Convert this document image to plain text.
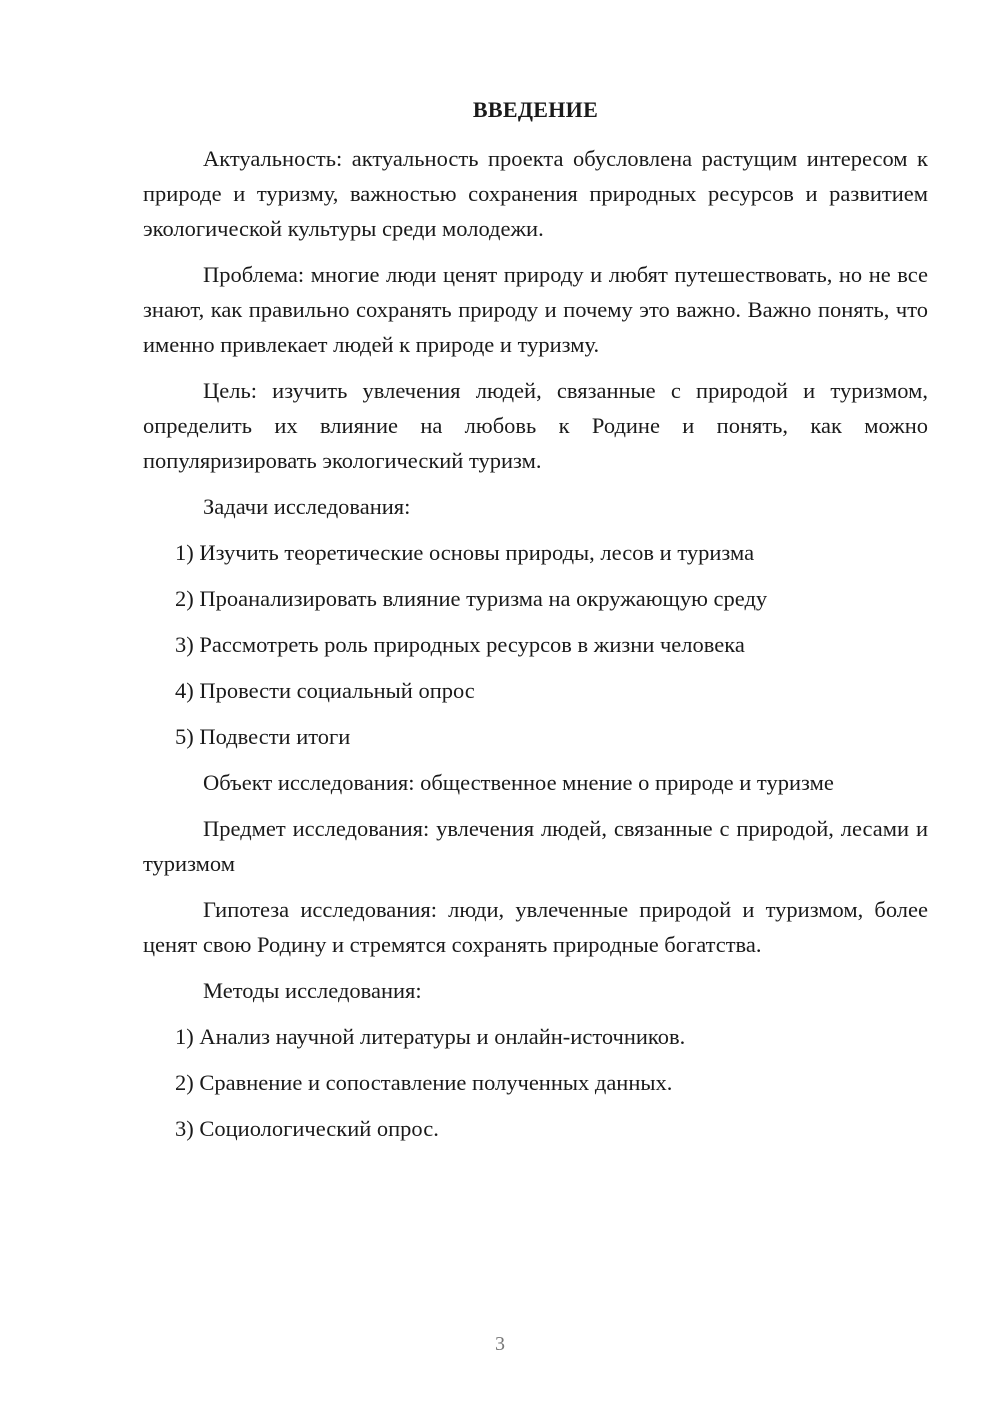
ВВЕДЕНИЕ

Актуальность: актуальность проекта обусловлена растущим интересом к природе и туризму, важностью сохранения природных ресурсов и развитием экологической культуры среди молодежи.

Проблема: многие люди ценят природу и любят путешествовать, но не все знают, как правильно сохранять природу и почему это важно. Важно понять, что именно привлекает людей к природе и туризму.

Цель: изучить увлечения людей, связанные с природой и туризмом, определить их влияние на любовь к Родине и понять, как можно популяризировать экологический туризм.

Задачи исследования:

1) Изучить теоретические основы природы, лесов и туризма
2) Проанализировать влияние туризма на окружающую среду
3) Рассмотреть роль природных ресурсов в жизни человека
4) Провести социальный опрос
5) Подвести итоги

Объект исследования: общественное мнение о природе и туризме

Предмет исследования: увлечения людей, связанные с природой, лесами и туризмом

Гипотеза исследования: люди, увлеченные природой и туризмом, более ценят свою Родину и стремятся сохранять природные богатства.

Методы исследования:

1) Анализ научной литературы и онлайн-источников.
2) Сравнение и сопоставление полученных данных.
3) Социологический опрос.
3
